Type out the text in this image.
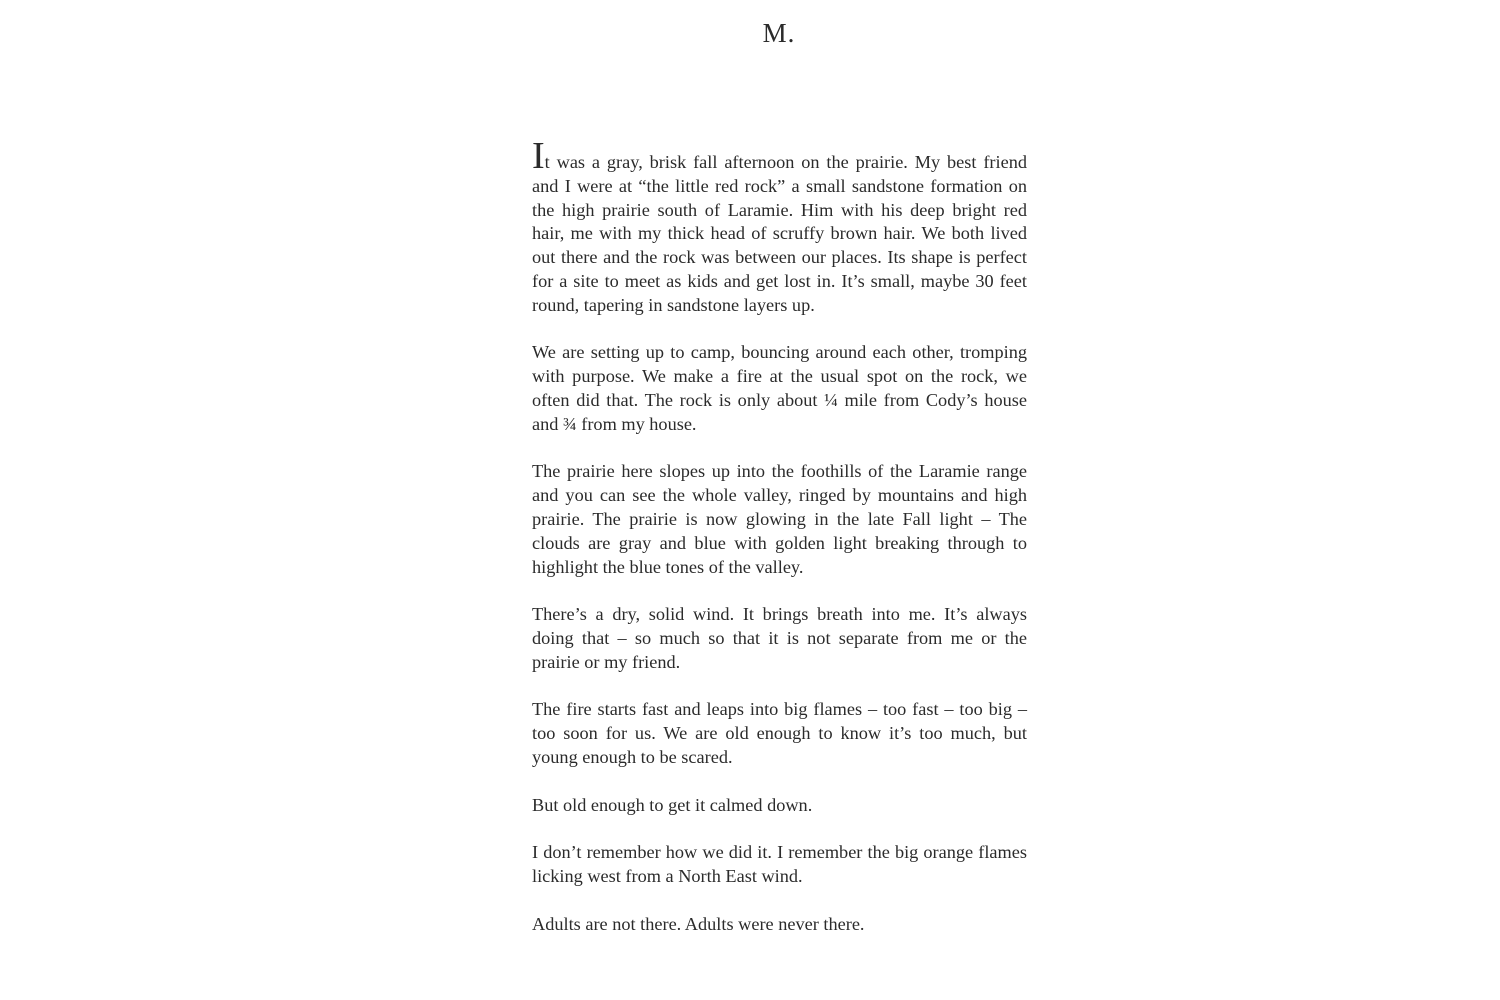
M.

It was a gray, brisk fall afternoon on the prairie. My best friend and I were at “the little red rock” a small sandstone formation on the high prairie south of Laramie. Him with his deep bright red hair, me with my thick head of scruffy brown hair. We both lived out there and the rock was between our places. Its shape is perfect for a site to meet as kids and get lost in. It’s small, maybe 30 feet round, tapering in sandstone layers up.

We are setting up to camp, bouncing around each other, tromping with purpose. We make a fire at the usual spot on the rock, we often did that. The rock is only about ¼ mile from Cody’s house and ¾ from my house.

The prairie here slopes up into the foothills of the Laramie range and you can see the whole valley, ringed by mountains and high prairie. The prairie is now glowing in the late Fall light – The clouds are gray and blue with golden light breaking through to highlight the blue tones of the valley.

There’s a dry, solid wind. It brings breath into me. It’s always doing that – so much so that it is not separate from me or the prairie or my friend.

The fire starts fast and leaps into big flames – too fast – too big – too soon for us. We are old enough to know it’s too much, but young enough to be scared.

But old enough to get it calmed down.

I don’t remember how we did it. I remember the big orange flames licking west from a North East wind.

Adults are not there. Adults were never there.
